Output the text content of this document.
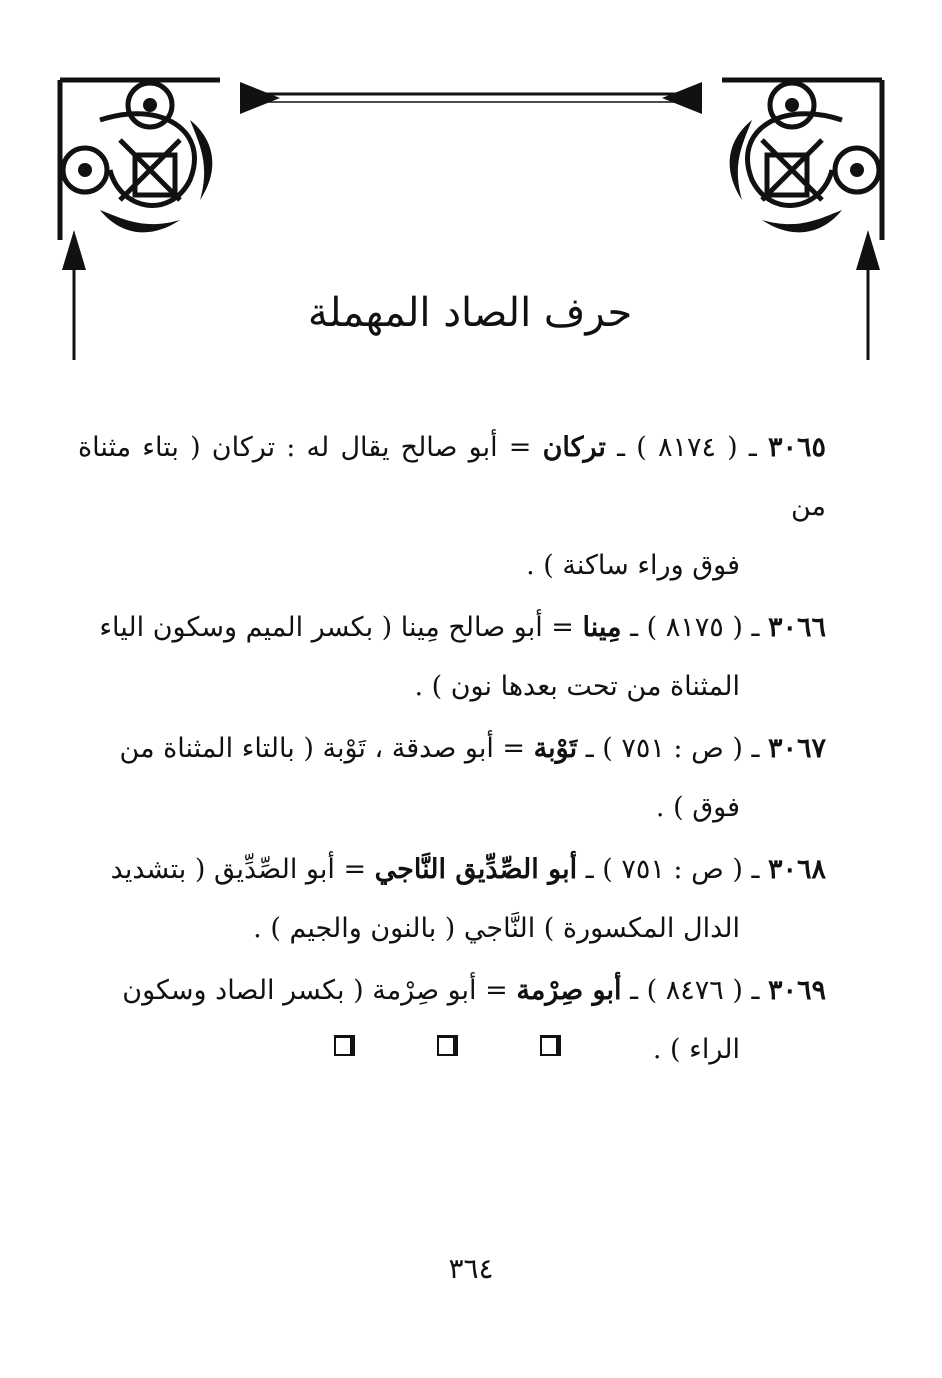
حرف الصاد المهملة
٣٠٦٥ ـ ( ٨١٧٤ ) ـ تركان = أبو صالح يقال له : تركان ( بتاء مثناة من
فوق وراء ساكنة ) .
٣٠٦٦ ـ ( ٨١٧٥ ) ـ مِينا = أبو صالح مِينا ( بكسر الميم وسكون الياء
المثناة من تحت بعدها نون ) .
٣٠٦٧ ـ ( ص : ٧٥١ ) ـ تَوْبة = أبو صدقة ، تَوْبة ( بالتاء المثناة من
فوق ) .
٣٠٦٨ ـ ( ص : ٧٥١ ) ـ أبو الصِّدِّيق النَّاجي = أبو الصِّدِّيق ( بتشديد
الدال المكسورة ) النَّاجي ( بالنون والجيم ) .
٣٠٦٩ ـ ( ٨٤٧٦ ) ـ أبو صِرْمة = أبو صِرْمة ( بكسر الصاد وسكون
الراء ) .
٣٦٤
